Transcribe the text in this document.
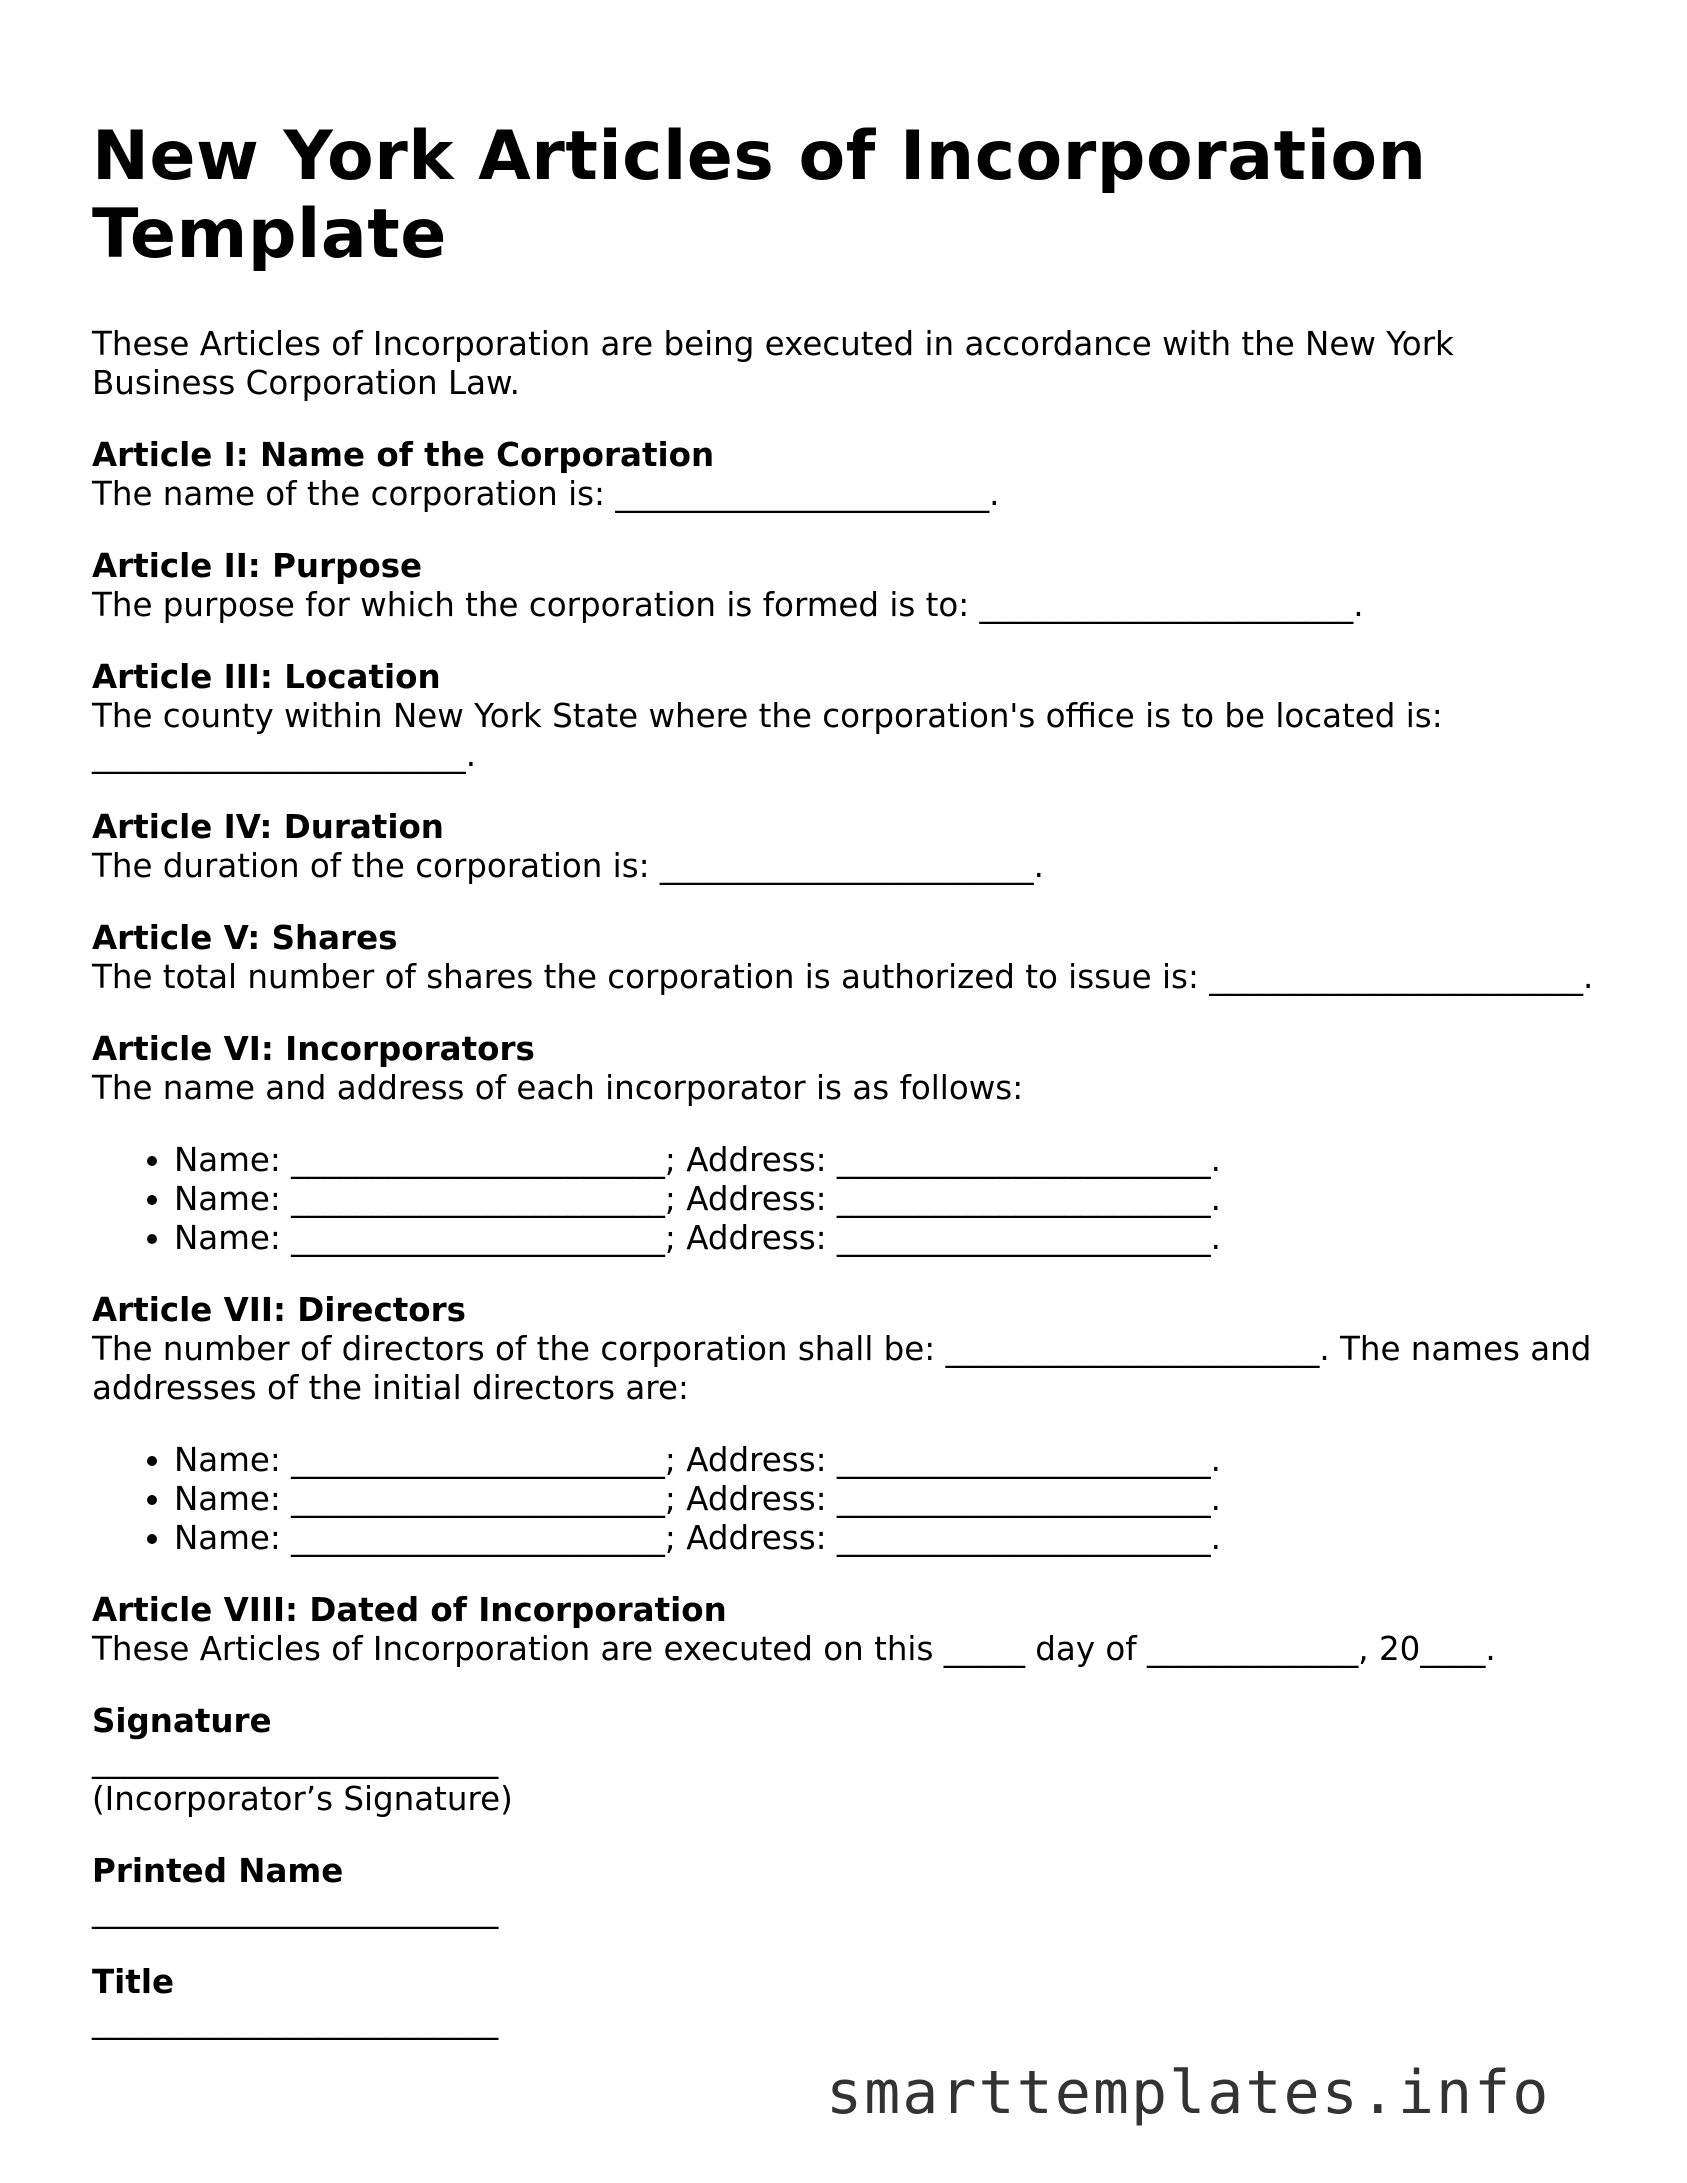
New York Articles of Incorporation Template

These Articles of Incorporation are being executed in accordance with the New York Business Corporation Law.

Article I: Name of the Corporation

The name of the corporation is: _______________________.

Article II: Purpose

The purpose for which the corporation is formed is to: _______________________.

Article III: Location

The county within New York State where the corporation's office is to be located is: _______________________.

Article IV: Duration

The duration of the corporation is: _______________________.

Article V: Shares

The total number of shares the corporation is authorized to issue is: _______________________.

Article VI: Incorporators

The name and address of each incorporator is as follows:

• Name: _______________________; Address: _______________________.
• Name: _______________________; Address: _______________________.
• Name: _______________________; Address: _______________________.
Article VII: Directors

The number of directors of the corporation shall be: _______________________. The names and addresses of the initial directors are:

• Name: _______________________; Address: _______________________.
• Name: _______________________; Address: _______________________.
• Name: _______________________; Address: _______________________.
Article VIII: Dated of Incorporation

These Articles of Incorporation are executed on this _____ day of _____________, 20____.

Signature
_________________________
(Incorporator’s Signature)
Printed Name
_________________________
Title
_________________________
smarttemplates.info
